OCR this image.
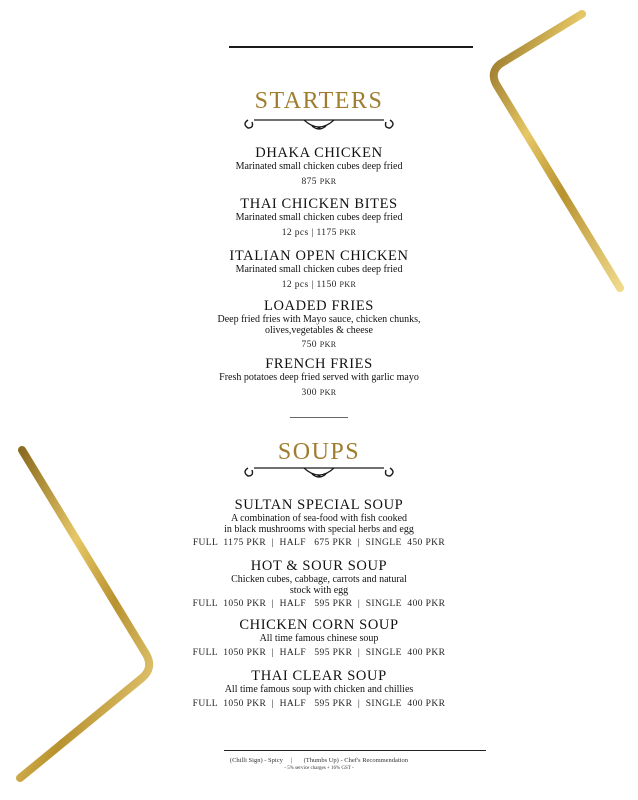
STARTERS
DHAKA CHICKEN
Marinated small chicken cubes deep fried
875 PKR
THAI CHICKEN BITES
Marinated small chicken cubes deep fried
12 pcs | 1175 PKR
ITALIAN OPEN CHICKEN
Marinated small chicken cubes deep fried
12 pcs | 1150 PKR
LOADED FRIES
Deep fried fries with Mayo sauce, chicken chunks,
olives,vegetables & cheese
750 PKR
FRENCH FRIES
Fresh potatoes deep fried served with garlic mayo
300 PKR
SOUPS
SULTAN SPECIAL SOUP
A combination of sea-food with fish cooked
in black mushrooms with special herbs and egg
FULL  1175 PKR  |  HALF   675 PKR  |  SINGLE  450 PKR
HOT & SOUR SOUP
Chicken cubes, cabbage, carrots and natural
stock with egg
FULL  1050 PKR  |  HALF   595 PKR  |  SINGLE  400 PKR
CHICKEN CORN SOUP
All time famous chinese soup
FULL  1050 PKR  |  HALF   595 PKR  |  SINGLE  400 PKR
THAI CLEAR SOUP
All time famous soup with chicken and chillies
FULL  1050 PKR  |  HALF   595 PKR  |  SINGLE  400 PKR
(Chilli Sign) - Spicy     |       (Thumbs Up) - Chef's Recommendation
- 5% service charges + 16% GST -
